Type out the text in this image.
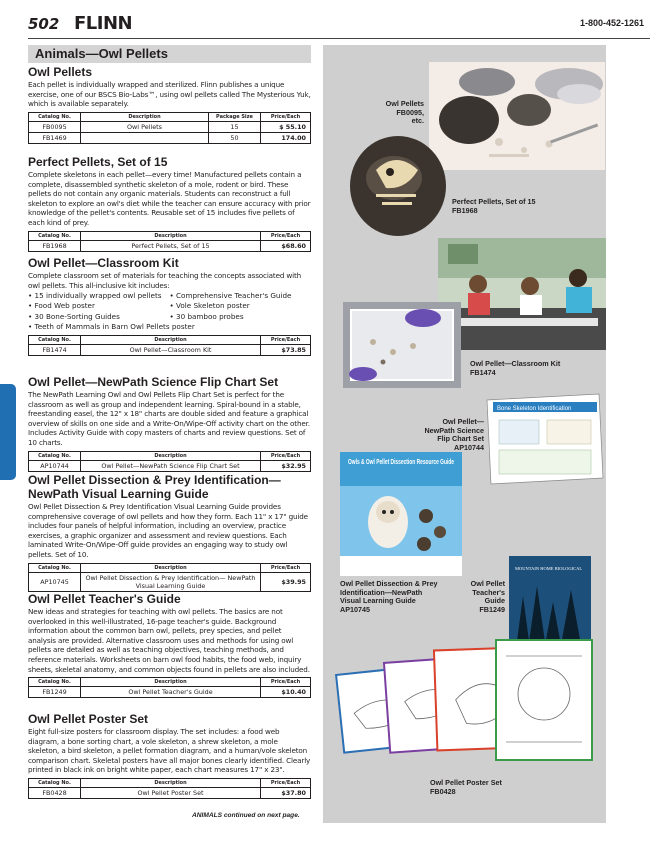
502 FLINN	1-800-452-1261
Animals—Owl Pellets
Owl Pellets
Each pellet is individually wrapped and sterilized. Flinn publishes a unique exercise, one of our BSCS Bio-Labs™, using owl pellets called The Mysterious Yuk, which is available separately.
Catalog No.	Description	Package Size	Price/Each
FB0095	Owl Pellets	15	$ 55.10
FB1469		50	174.00
Perfect Pellets, Set of 15
Complete skeletons in each pellet—every time! Manufactured pellets contain a complete, disassembled synthetic skeleton of a mole, rodent or bird. These pellets do not contain any organic materials. Students can reconstruct a full skeleton to explore an owl's diet while the teacher can ensure accuracy with prior knowledge of the pellet's contents. Reusable set of 15 includes five pellets of each kind of prey.
Catalog No.	Description	Price/Each
FB1968	Perfect Pellets, Set of 15	$68.60
Owl Pellet—Classroom Kit
Complete classroom set of materials for teaching the concepts associated with owl pellets. This all-inclusive kit includes:
• 15 individually wrapped owl pellets	• Comprehensive Teacher's Guide
• Food Web poster	• Vole Skeleton poster
• 30 Bone-Sorting Guides	• 30 bamboo probes
• Teeth of Mammals in Barn Owl Pellets poster
Catalog No.	Description	Price/Each
FB1474	Owl Pellet—Classroom Kit	$73.85
Owl Pellet—NewPath Science Flip Chart Set
The NewPath Learning Owl and Owl Pellets Flip Chart Set is perfect for the classroom as well as group and independent learning. Spiral-bound in a stable, freestanding easel, the 12" x 18" charts are double sided and feature a graphical overview of skills on one side and a Write-On/Wipe-Off activity chart on the other. Includes Activity Guide with copy masters of charts and review questions. Set of 10 charts.
Catalog No.	Description	Price/Each
AP10744	Owl Pellet—NewPath Science Flip Chart Set	$32.95
Owl Pellet Dissection & Prey Identification— NewPath Visual Learning Guide
Owl Pellet Dissection & Prey Identification Visual Learning Guide provides comprehensive coverage of owl pellets and how they form. Each 11" x 17" guide includes four panels of helpful information, including an overview, practice exercises, a graphic organizer and assessment and review questions. Each laminated Write-On/Wipe-Off guide provides an engaging way to study owl pellets. Set of 10.
Catalog No.	Description	Price/Each
AP10745	Owl Pellet Dissection & Prey Identification— NewPath Visual Learning Guide	$39.95
Owl Pellet Teacher's Guide
New ideas and strategies for teaching with owl pellets. The basics are not overlooked in this well-illustrated, 16-page teacher's guide. Background information about the common barn owl, pellets, prey species, and pellet analysis are provided. Alternative classroom uses and methods for using owl pellets are detailed as well as teaching objectives, teaching methods, and reference materials. Worksheets on barn owl food habits, the food web, inquiry sheets, skeletal anatomy, and common objects found in pellets are also included.
Catalog No.	Description	Price/Each
FB1249	Owl Pellet Teacher's Guide	$10.40
Owl Pellet Poster Set
Eight full-size posters for classroom display. The set includes: a food web diagram, a bone sorting chart, a vole skeleton, a shrew skeleton, a mole skeleton, a bird skeleton, a pellet formation diagram, and a human/vole skeleton comparison chart. Skeletal posters have all major bones clearly identified. Clearly printed in black ink on bright white paper, each chart measures 17" x 23".
Catalog No.	Description	Price/Each
FB0428	Owl Pellet Poster Set	$37.80
ANIMALS continued on next page.
Owl Pellets
FB0095, etc.
Perfect Pellets, Set of 15
FB1968
Owl Pellet—Classroom Kit
FB1474
Bone Skeleton Identification
Owl Pellet—NewPath Science Flip Chart Set
AP10744
Owls & Owl Pellet Dissection Resource Guide
Owl Pellet Dissection & Prey Identification—NewPath Visual Learning Guide
AP10745
MOUNTAIN HOME BIOLOGICAL
Owl Pellet Teacher's Guide
FB1249
Owl Pellet Poster Set
FB0428
